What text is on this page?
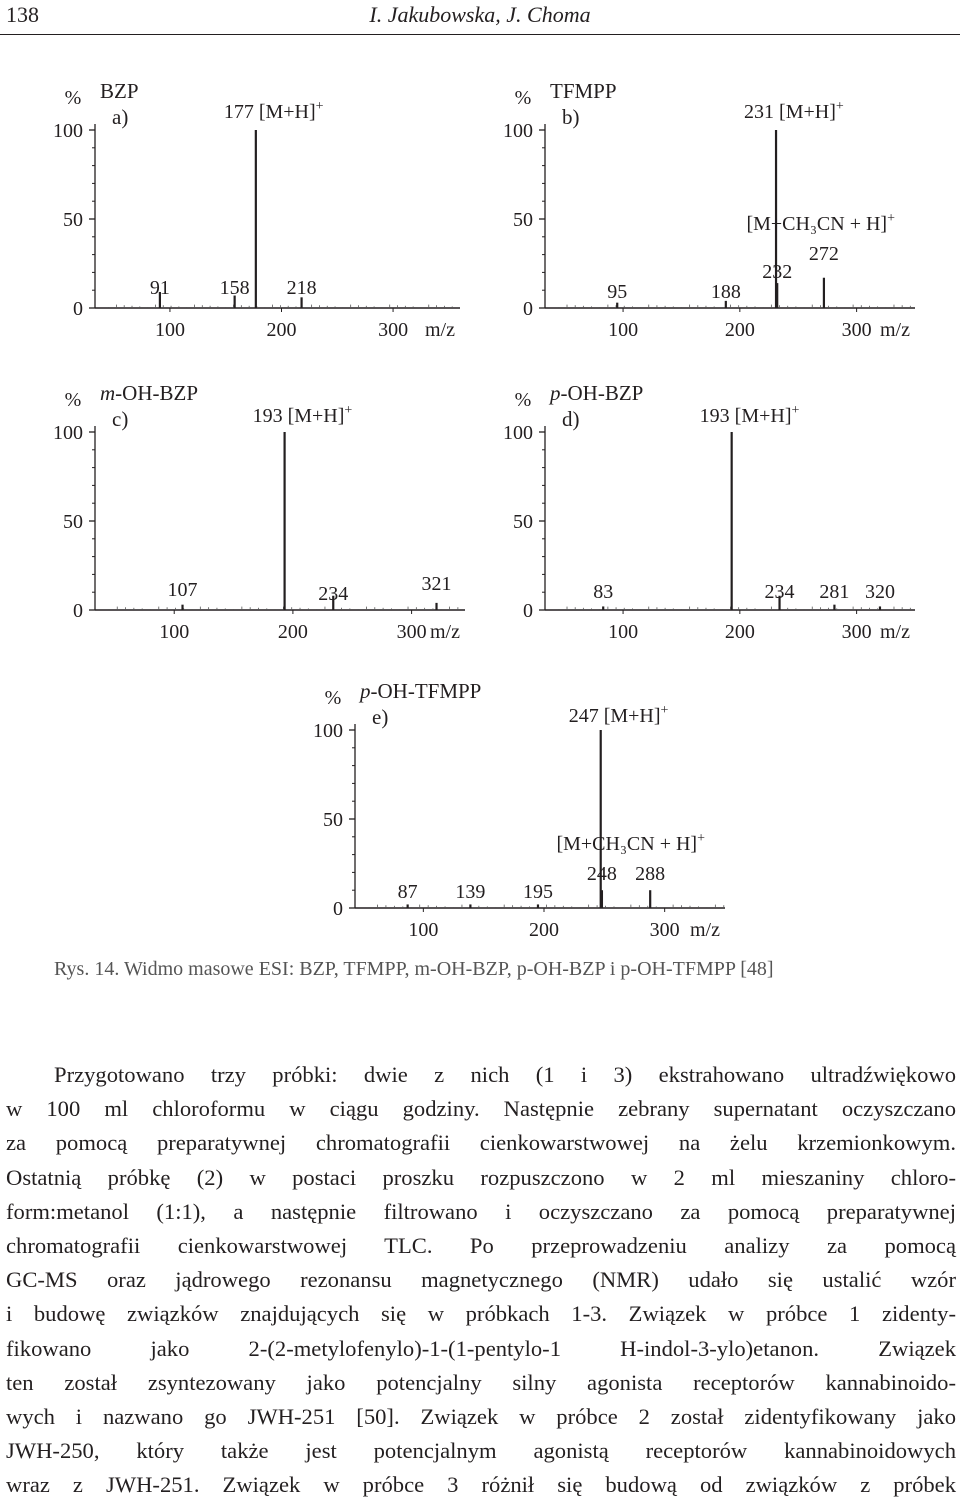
138	I. Jakubowska, J. Choma
0
50
100
% BZP
a)
100	200	300 m/z
177 [M+H]+
91 158 218
0
50
100
% TFMPP
b)
100	200	300 m/z
231 [M+H]+
[M+CH₃CN + H]+
272
232
95	188
0
50
100
% m-OH-BZP
c)
100	200	300 m/z
193 [M+H]+
107	234	321
0
50
100
% p-OH-BZP
d)
100	200	300 m/z
193 [M+H]+
83	234 281 320
0
50
100
% p-OH-TFMPP
e)
100	200	300 m/z
247 [M+H]+
[M+CH₃CN + H]+
248 288
87 139 195
Rys. 14. Widmo masowe ESI: BZP, TFMPP, m-OH-BZP, p-OH-BZP i p-OH-TFMPP [48]
Przygotowano trzy próbki: dwie z nich (1 i 3) ekstrahowano ultradźwiękowo
w 100 ml chloroformu w ciągu godziny. Następnie zebrany supernatant oczyszczano
za pomocą preparatywnej chromatografii cienkowarstwowej na żelu krzemionkowym.
Ostatnią próbkę (2) w postaci proszku rozpuszczono w 2 ml mieszaniny chloro-
form:metanol (1:1), a następnie filtrowano i oczyszczano za pomocą preparatywnej
chromatografii cienkowarstwowej TLC. Po przeprowadzeniu analizy za pomocą
GC-MS oraz jądrowego rezonansu magnetycznego (NMR) udało się ustalić wzór
i budowę związków znajdujących się w próbkach 1-3. Związek w próbce 1 zidenty-
fikowano jako 2-(2-metylofenylo)-1-(1-pentylo-1 H-indol-3-ylo)etanon. Związek
ten został zsyntezowany jako potencjalny silny agonista receptorów kannabinoido-
wych i nazwano go JWH-251 [50]. Związek w próbce 2 został zidentyfikowany jako
JWH-250, który także jest potencjalnym agonistą receptorów kannabinoidowych
wraz z JWH-251. Związek w próbce 3 różnił się budową od związków z próbek
